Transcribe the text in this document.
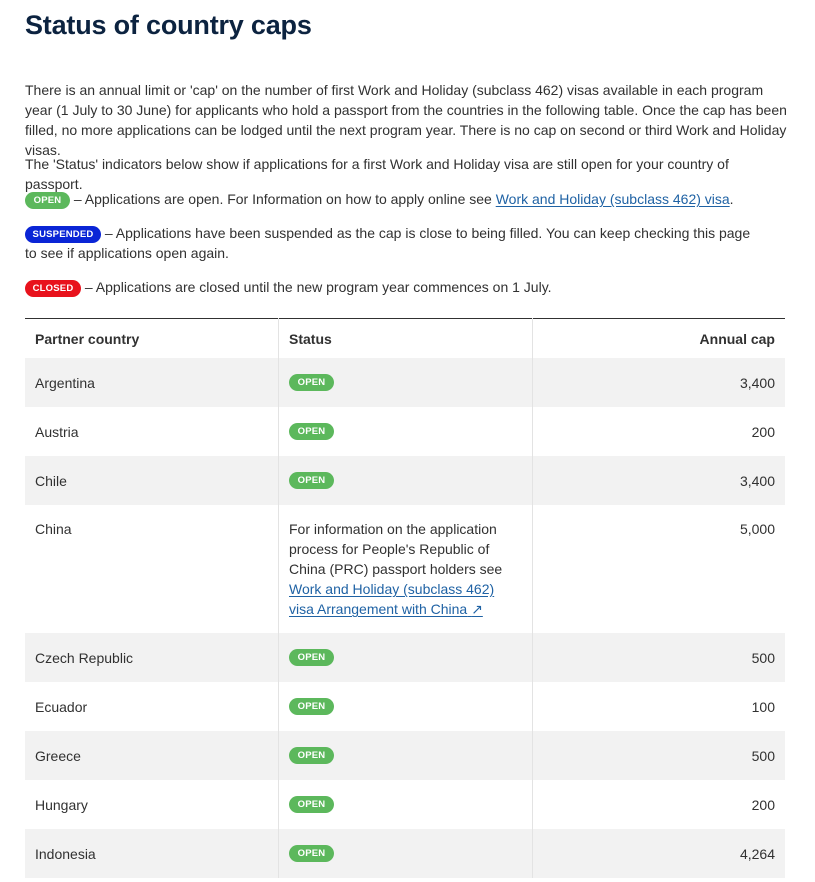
Status of country caps

There is an annual limit or 'cap' on the number of first Work and Holiday (subclass 462) visas available in each program year (1 July to 30 June) for applicants who hold a passport from the countries in the following table. Once the cap has been filled, no more applications can be lodged until the next program year. There is no cap on second or third Work and Holiday visas.

The 'Status' indicators below show if applications for a first Work and Holiday visa are still open for your country of passport.

OPEN – Applications are open. For Information on how to apply online see Work and Holiday (subclass 462) visa.
SUSPENDED – Applications have been suspended as the cap is close to being filled. You can keep checking this page to see if applications open again.
CLOSED – Applications are closed until the new program year commences on 1 July.
Partner country	Status	Annual cap
Argentina	OPEN	3,400
Austria	OPEN	200
Chile	OPEN	3,400
China	For information on the application process for People's Republic of China (PRC) passport holders see Work and Holiday (subclass 462) visa Arrangement with China ↗	5,000
Czech Republic	OPEN	500
Ecuador	OPEN	100
Greece	OPEN	500
Hungary	OPEN	200
Indonesia	OPEN	4,264
